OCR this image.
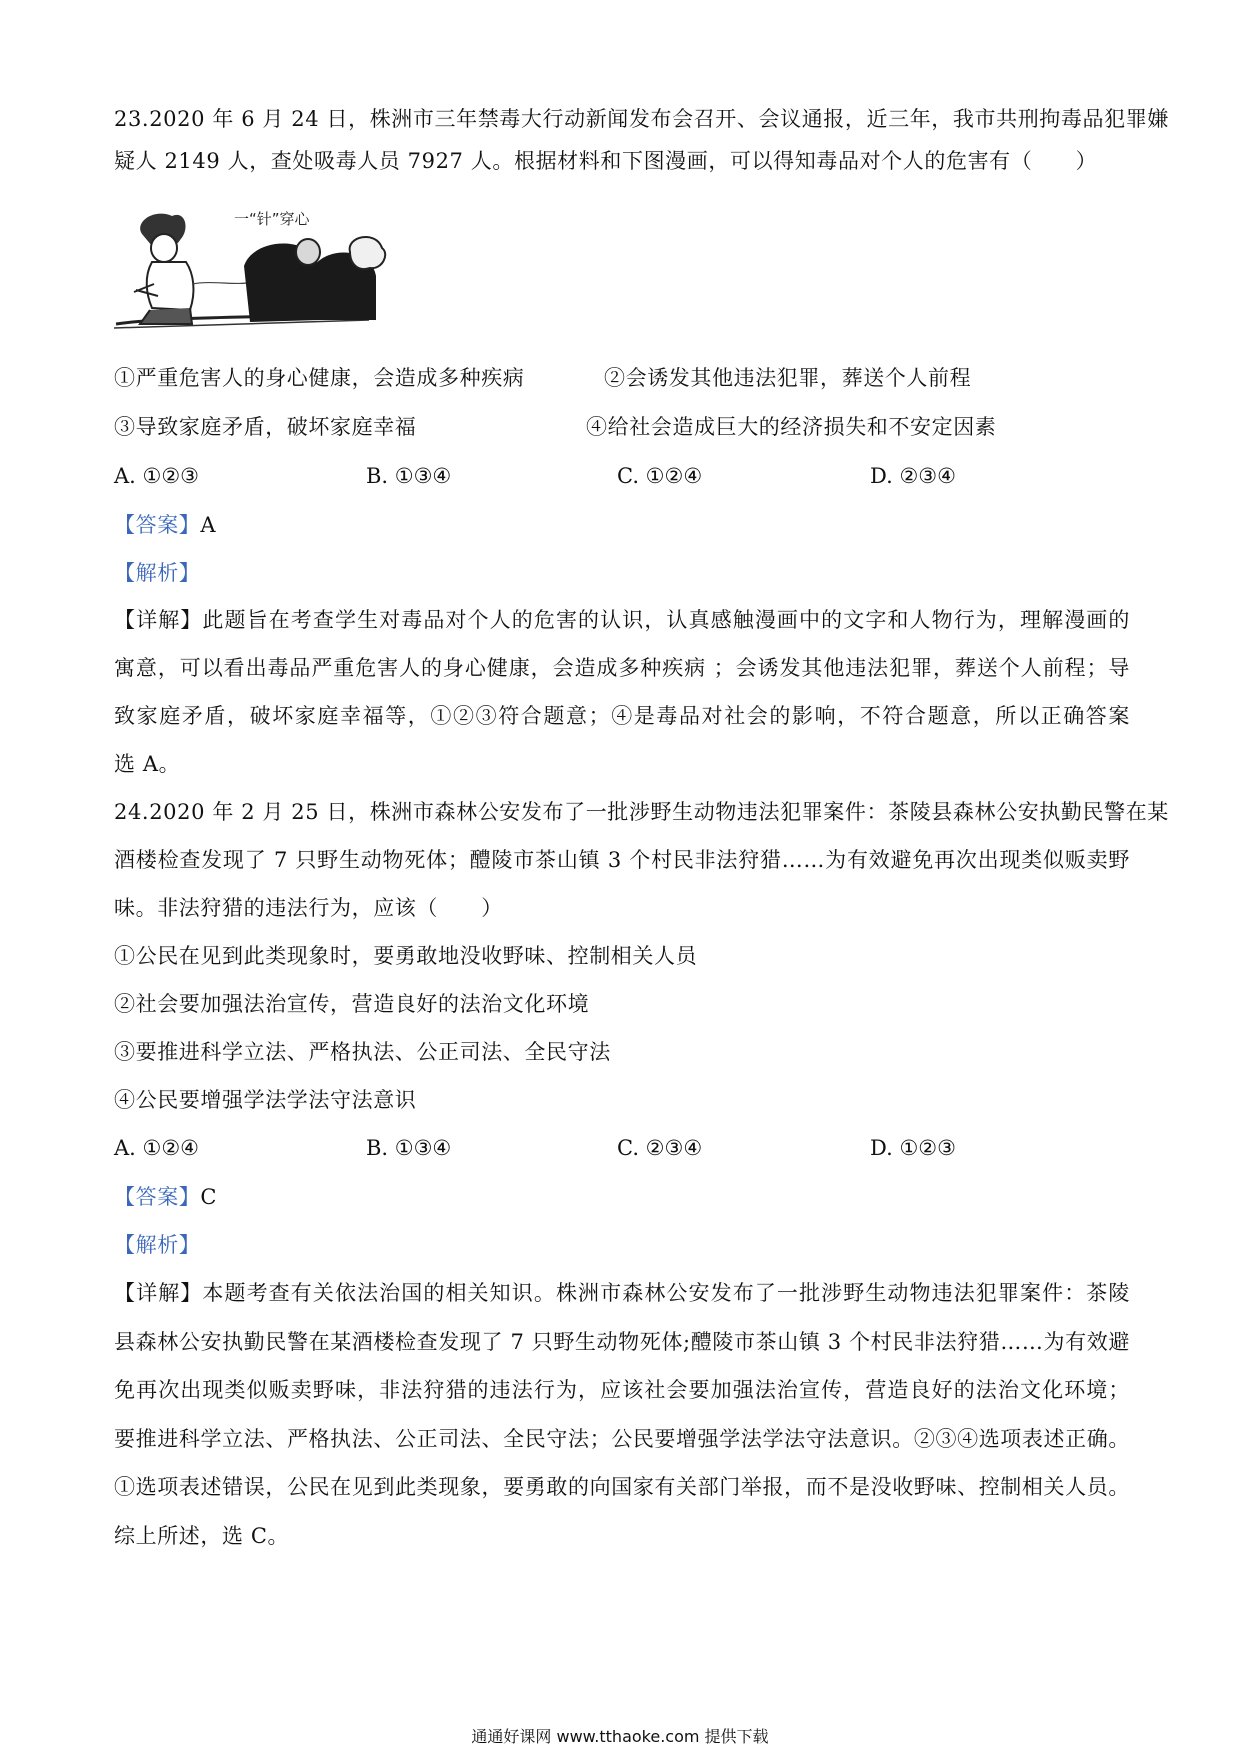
23.2020 年 6 月 24 日，株洲市三年禁毒大行动新闻发布会召开、会议通报，近三年，我市共刑拘毒品犯罪嫌
疑人 2149 人，查处吸毒人员 7927 人。根据材料和下图漫画，可以得知毒品对个人的危害有（　　）
一“针”穿心
①严重危害人的身心健康，会造成多种疾病	②会诱发其他违法犯罪，葬送个人前程
③导致家庭矛盾，破坏家庭幸福	④给社会造成巨大的经济损失和不安定因素
A. ①②③	B. ①③④	C. ①②④	D. ②③④
【答案】A
【解析】
【详解】此题旨在考查学生对毒品对个人的危害的认识，认真感触漫画中的文字和人物行为，理解漫画的
寓意，可以看出毒品严重危害人的身心健康，会造成多种疾病 ；会诱发其他违法犯罪，葬送个人前程；导
致家庭矛盾，破坏家庭幸福等，①②③符合题意；④是毒品对社会的影响，不符合题意，所以正确答案
选 A。
24.2020 年 2 月 25 日，株洲市森林公安发布了一批涉野生动物违法犯罪案件：茶陵县森林公安执勤民警在某
酒楼检查发现了 7 只野生动物死体；醴陵市茶山镇 3 个村民非法狩猎……为有效避免再次出现类似贩卖野
味。非法狩猎的违法行为，应该（　　）
①公民在见到此类现象时，要勇敢地没收野味、控制相关人员
②社会要加强法治宣传，营造良好的法治文化环境
③要推进科学立法、严格执法、公正司法、全民守法
④公民要增强学法学法守法意识
A. ①②④	B. ①③④	C. ②③④	D. ①②③
【答案】C
【解析】
【详解】本题考查有关依法治国的相关知识。株洲市森林公安发布了一批涉野生动物违法犯罪案件：茶陵
县森林公安执勤民警在某酒楼检查发现了 7 只野生动物死体;醴陵市茶山镇 3 个村民非法狩猎……为有效避
免再次出现类似贩卖野味，非法狩猎的违法行为，应该社会要加强法治宣传，营造良好的法治文化环境；
要推进科学立法、严格执法、公正司法、全民守法；公民要增强学法学法守法意识。②③④选项表述正确。
①选项表述错误，公民在见到此类现象，要勇敢的向国家有关部门举报，而不是没收野味、控制相关人员。
综上所述，选 C。
通通好课网 www.tthaoke.com 提供下载
